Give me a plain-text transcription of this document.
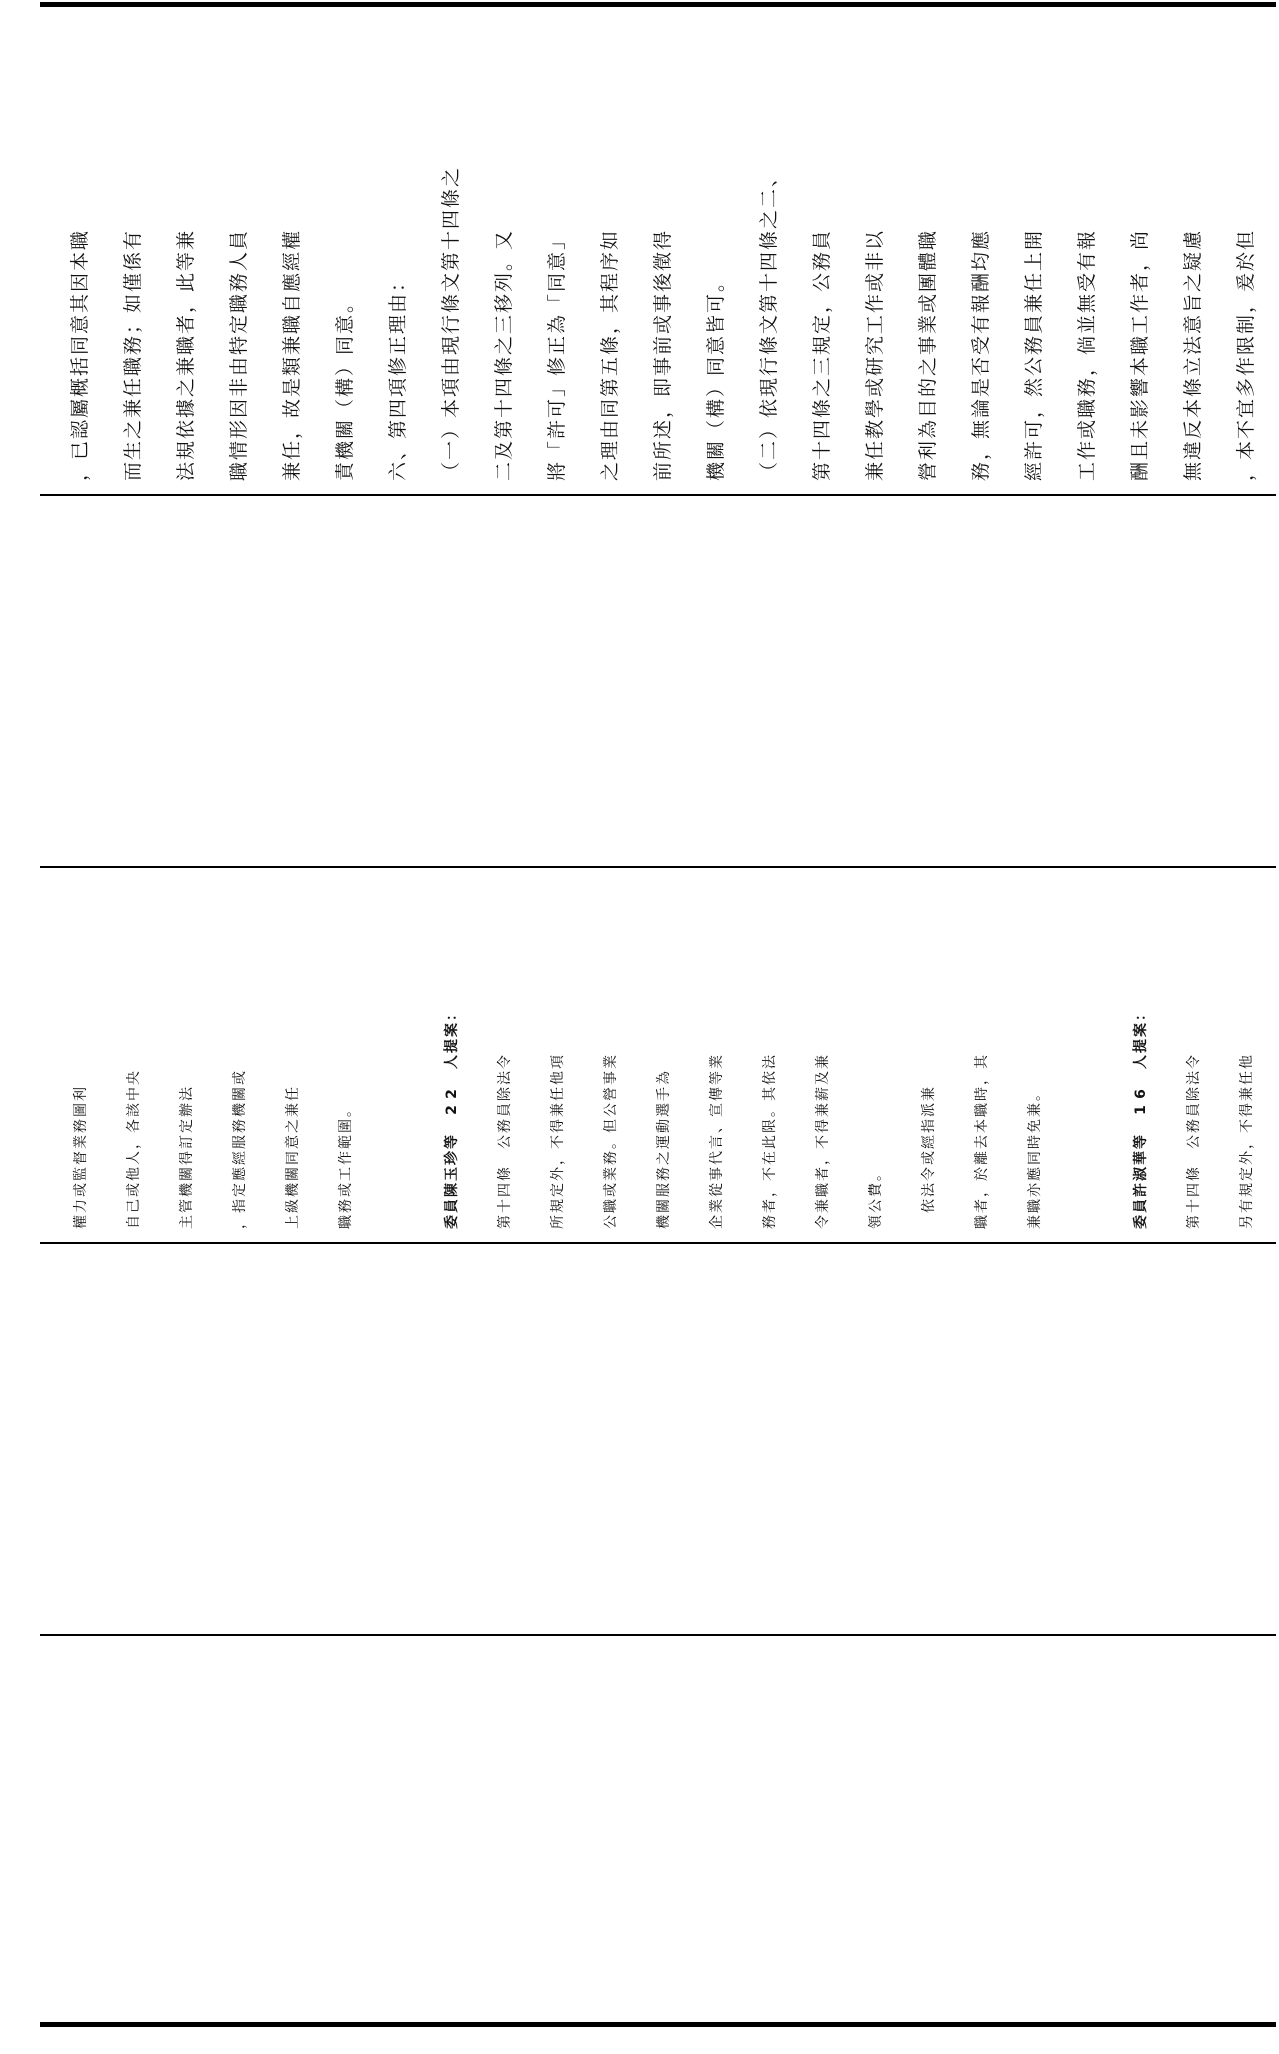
，
已
認
屬
概
括
同
意
其
因
本
職
而
生
之
兼
任
職
務
；
如
僅
係
有
法
規
依
據
之
兼
職
者
，
此
等
兼
職
情
形
因
非
由
特
定
職
務
人
員
兼
任
，
故
是
類
兼
職
自
應
經
權
責
機
關
（
構
）
同
意
。
六
、
第
四
項
修
正
理
由
：
（
一
）
本
項
由
現
行
條
文
第
十
四
條
之
二
及
第
十
四
條
之
三
移
列
。
又
將
「
許
可
」
修
正
為
「
同
意
」
之
理
由
同
第
五
條
，
其
程
序
如
前
所
述
，
即
事
前
或
事
後
徵
得
機
關
（
構
）
同
意
皆
可
。
（
二
）
依
現
行
條
文
第
十
四
條
之
二
、
第
十
四
條
之
三
規
定
，
公
務
員
兼
任
教
學
或
研
究
工
作
或
非
以
營
利
為
目
的
之
事
業
或
團
體
職
務
，
無
論
是
否
受
有
報
酬
均
應
經
許
可
，
然
公
務
員
兼
任
上
開
工
作
或
職
務
，
倘
並
無
受
有
報
酬
且
未
影
響
本
職
工
作
者
，
尚
無
違
反
本
條
立
法
意
旨
之
疑
慮
，
本
不
宜
多
作
限
制
，
爰
於
但
權
力
或
監
督
業
務
圖
利
自
己
或
他
人
，
各
該
中
央
主
管
機
關
得
訂
定
辦
法
，
指
定
應
經
服
務
機
關
或
上
級
機
關
同
意
之
兼
任
職
務
或
工
作
範
圍
。
委
員
陳
玉
珍
等
2
2
人
提
案
：
第
十
四
條

公
務
員
除
法
令
所
規
定
外
，
不
得
兼
任
他
項
公
職
或
業
務
。
但
公
營
事
業
機
關
服
務
之
運
動
選
手
為
企
業
從
事
代
言
、
宣
傳
等
業
務
者
，
不
在
此
限
。
其
依
法
令
兼
職
者
，
不
得
兼
薪
及
兼
領
公
費
。

依
法
令
或
經
指
派
兼
職
者
，
於
離
去
本
職
時
，
其
兼
職
亦
應
同
時
免
兼
。
委
員
許
淑
華
等
1
6
人
提
案
：
第
十
四
條

公
務
員
除
法
令
另
有
規
定
外
，
不
得
兼
任
他
